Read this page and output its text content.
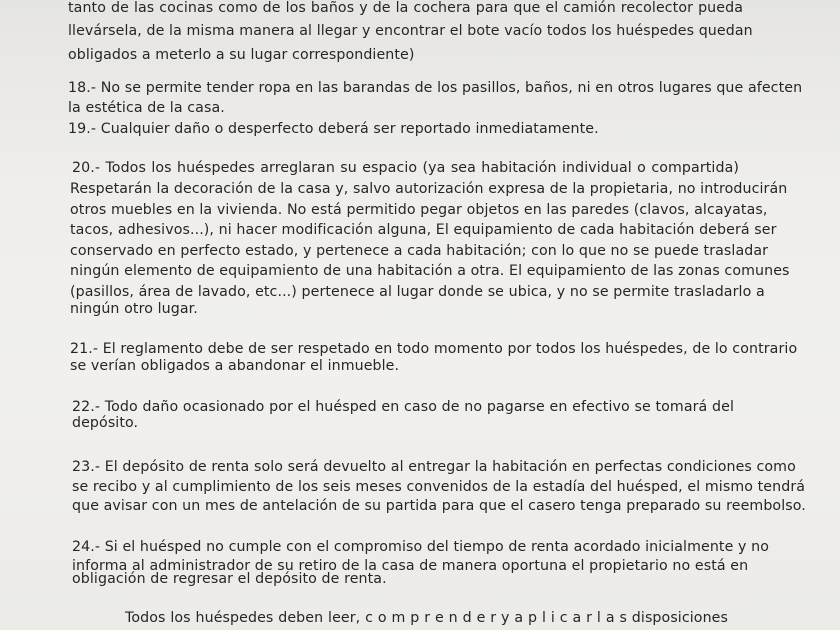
tanto de las cocinas como de los baños y de la cochera para que el camión recolector pueda
llevársela, de la misma manera al llegar y encontrar el bote vacío todos los huéspedes quedan
obligados a meterlo a su lugar correspondiente)
18.- No se permite tender ropa en las barandas de los pasillos, baños, ni en otros lugares que afecten
la estética de la casa.
19.- Cualquier daño o desperfecto deberá ser reportado inmediatamente.
20.- Todos los huéspedes arreglaran su espacio (ya sea habitación individual o compartida)
Respetarán la decoración de la casa y, salvo autorización expresa de la propietaria, no introducirán
otros muebles en la vivienda. No está permitido pegar objetos en las paredes (clavos, alcayatas,
tacos, adhesivos...), ni hacer modificación alguna, El equipamiento de cada habitación deberá ser
conservado en perfecto estado, y pertenece a cada habitación; con lo que no se puede trasladar
ningún elemento de equipamiento de una habitación a otra. El equipamiento de las zonas comunes
(pasillos, área de lavado, etc...) pertenece al lugar donde se ubica, y no se permite trasladarlo a
ningún otro lugar.
21.- El reglamento debe de ser respetado en todo momento por todos los huéspedes, de lo contrario
se verían obligados a abandonar el inmueble.
22.- Todo daño ocasionado por el huésped en caso de no pagarse en efectivo se tomará del
depósito.
23.- El depósito de renta solo será devuelto al entregar la habitación en perfectas condiciones como
se recibo y al cumplimiento de los seis meses convenidos de la estadía del huésped, el mismo tendrá
que avisar con un mes de antelación de su partida para que el casero tenga preparado su reembolso.
24.- Si el huésped no cumple con el compromiso del tiempo de renta acordado inicialmente y no
informa al administrador de su retiro de la casa de manera oportuna el propietario no está en
obligación de regresar el depósito de renta.
Todos los huéspedes deben leer, c o m p r e n d e r y a p l i c a r l a s disposiciones
